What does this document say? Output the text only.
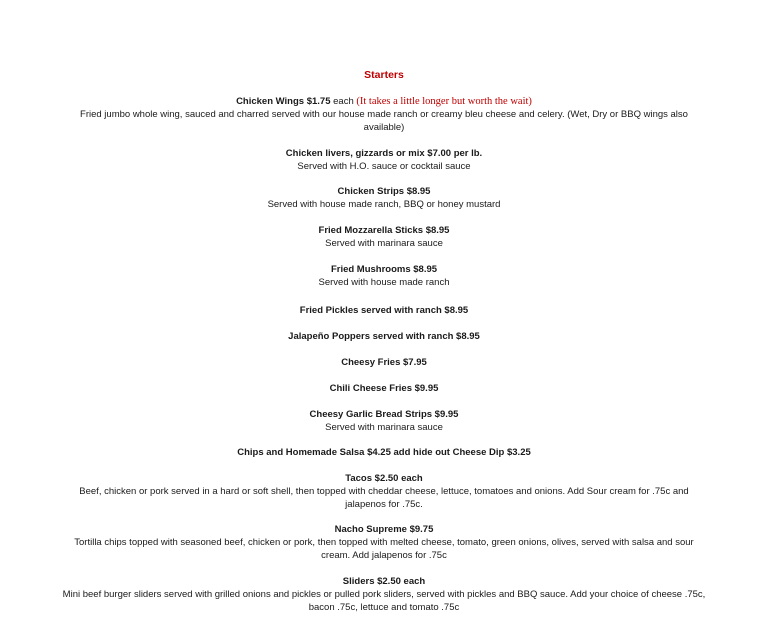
Starters
Chicken Wings $1.75 each (It takes a little longer but worth the wait)
Fried jumbo whole wing, sauced and charred served with our house made ranch or creamy bleu cheese and celery. (Wet, Dry or BBQ wings also available)
Chicken livers, gizzards or mix $7.00 per lb.
Served with H.O. sauce or cocktail sauce
Chicken Strips $8.95
Served with house made ranch, BBQ or honey mustard
Fried Mozzarella Sticks $8.95
Served with marinara sauce
Fried Mushrooms $8.95
Served with house made ranch
Fried Pickles served with ranch $8.95
Jalapeño Poppers served with ranch $8.95
Cheesy Fries $7.95
Chili Cheese Fries $9.95
Cheesy Garlic Bread Strips $9.95
Served with marinara sauce
Chips and Homemade Salsa $4.25 add hide out Cheese Dip $3.25
Tacos $2.50 each
Beef, chicken or pork served in a hard or soft shell, then topped with cheddar cheese, lettuce, tomatoes and onions. Add Sour cream for .75c and jalapenos for .75c.
Nacho Supreme $9.75
Tortilla chips topped with seasoned beef, chicken or pork, then topped with melted cheese, tomato, green onions, olives, served with salsa and sour cream. Add jalapenos for .75c
Sliders $2.50 each
Mini beef burger sliders served with grilled onions and pickles or pulled pork sliders, served with pickles and BBQ sauce. Add your choice of cheese .75c, bacon .75c, lettuce and tomato .75c
